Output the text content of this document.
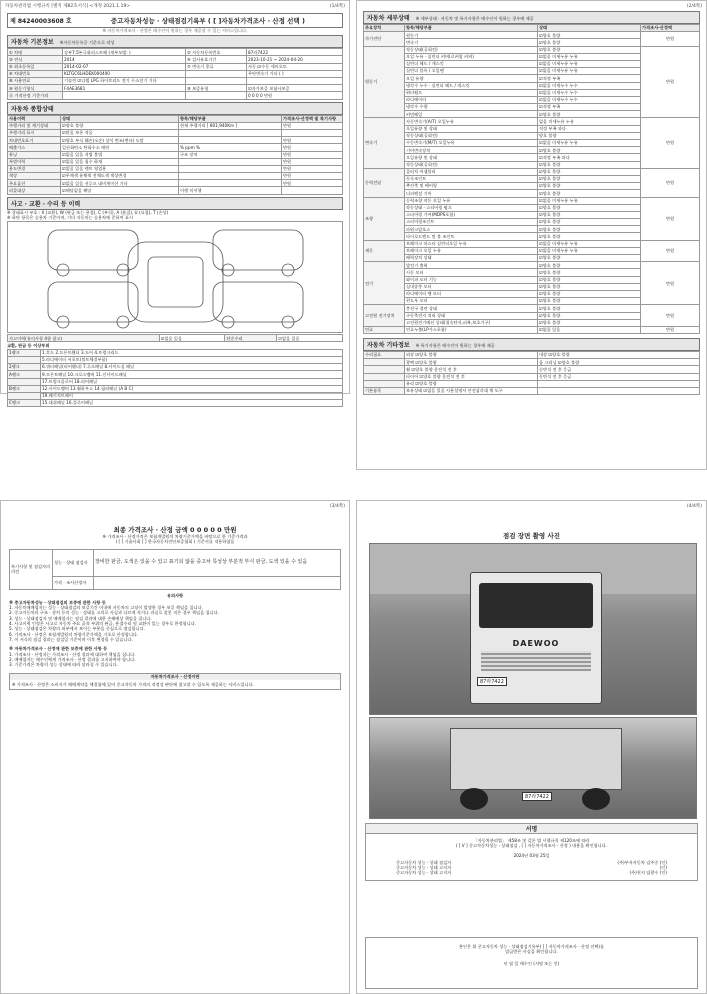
자동차관리법 시행규칙 [별지 제82호서식] <개정 2021.1.19>	(1/4쪽)
제 84240003608 호	중고자동차성능 · 상태점검기록부 ( [ ]자동차가격조사 · 산정 선택 )
※ 자동차가격조사 · 산정은 매수인이 원하는 경우 제공할 수 있는 서비스입니다.
자동차 기본정보 ※자동차등록증 기준으로 작성
① 차명	상부7.5톤극화리스트해 (새부모델: )	② 자동차등록번호	87라7422
③ 연식	2014	④ 검사유효기간	2023-10-21 ~ 2024-04-20
⑤ 최초등록일	2014-02-07	⑦ 변속기 종류	자동 ☑수동 세미오토
⑥ 차대번호	KLTGC6LHDEK000400		무단변속기 기타 ( )
⑧ 사용연료	기솔린 ☑디젤 LPG 하이브리드 전기 수소전기 기타		
⑨ 원동기형식	F4AE3681	⑩ 보증유형	☑자가보증 보험사보증
⑪ 가격산정 기준가격			0 0 0 0 만원
자동차 종합상태
사용이력	상태	항목/해당부품	가격조사·산정액 및 특기사항
주행거리 및 계기상태	☑양호 불량	현재 주행거리 [ 801,940Km ]	만원
주행거리 표시	☑많음 보통 적음		
차대번호표기	☑양호 부식 훼손(오손) 상이 변조(변타) 도말		만원
배출가스	일산화탄소 탄화수소 매연	% ppm %	만원
튜닝	☑없음 있음 적법 불법	구조 장치	만원
특별이력	☑없음 있음 침수 화재		만원
용도변경	☑없음 있음 렌트 영업용		만원
색상	☑무채색 유채색 전체도색 색상변경		만원
주요옵션	☑없음 있음 선루프 네비게이션 기타		만원
리콜대상	☑해당없음 해당	이행 미이행	
사고 · 교환 · 수리 등 이력
※ 상태표시 부호 : X (교환), W (판금 또는 용접), C (부식), A (흠집), U (요철), T (손상)
※ 하단 항목은 승용차 기준이며, 기타 자동차는 승용차에 준하여 표시
사고이력(유의사항 4항 참고)	☑없음 있음	단순수리	☑없음 있음
교환, 판금 등 이상부위
1랭크	1.후드 2.프론트휀더 3.도어 4.트렁크리드
	5.라디에이터 서포트(볼트체결부품)
2랭크	6.쿼터패널(리어휀더) 7.루프패널 8.사이드실 패널
A랭크	9.프론트패널 10.크로스멤버 11.인사이드패널
	17.트렁크플로어 18.리어패널
B랭크	12.사이드멤버 13.휠하우스 14.필러패널 (A B C)
	19.패키지트레이
C랭크	15.대쉬패널 16.플로어패널
(2/4쪽)
자동차 세부상태 ※ 세부상태 · 자동차 및 특기사항은 매수인이 원하는 경우에 제공
주요장치	항목/해당부품	상태	가격조사·산정액
자기진단	원동기	☑양호 불량	만원
	변속기	☑양호 불량	
원동기	작동상태(공회전)	☑양호 불량	만원
	오일 누유 · 실린더 커버(로커암 커버)	☑없음 미세누유 누유	
	실린더 헤드 / 개스킷	☑없음 미세누유 누유	
	실린더 블록 / 오일팬	☑없음 미세누유 누유	
	오일 유량	☑적정 부족	
	냉각수 누수 · 실린더 헤드 / 개스킷	☑없음 미세누수 누수	
	워터펌프	☑없음 미세누수 누수	
	라디에이터	☑없음 미세누수 누수	
	냉각수 수량	☑적정 부족	
	커먼레일	☑양호 불량	
변속기	자동변속기(A/T) 오일누유	없음 미세누유 누유	만원
	오일유량 및 상태	적정 부족 과다	
	작동상태(공회전)	양호 불량	
	수동변속기(M/T) 오일누유	☑없음 미세누유 누유	
	기어변속장치	☑양호 불량	
	오일유량 및 상태	☑적정 부족 과다	
	작동상태(공회전)	☑양호 불량	
동력전달	클러치 어셈블리	☑양호 불량	만원
	등속조인트	☑양호 불량	
	추진축 및 베어링	☑양호 불량	
	디퍼렌셜 기어	☑양호 불량	
조향	동력조향 작동 오일 누유	☑없음 미세누유 누유	만원
	작동상태 · 스티어링 펌프	☑양호 불량	
	스티어링 기어(MDPS포함)	☑양호 불량	
	스티어링조인트	☑양호 불량	
	파워고압호스	☑양호 불량	
	타이로드엔드 및 볼 조인트	☑양호 불량	
제동	브레이크 마스터 실린더오일 누유	☑없음 미세누유 누유	만원
	브레이크 오일 누유	☑없음 미세누유 누유	
	배력장치 상태	☑양호 불량	
전기	발전기 출력	☑양호 불량	만원
	시동 모터	☑양호 불량	
	와이퍼 모터 기능	☑양호 불량	
	실내송풍 모터	☑양호 불량	
	라디에이터 팬 모터	☑양호 불량	
	윈도우 모터	☑양호 불량	
고전원 전기장치	충전구 절연 상태	☑양호 불량	만원
	구동축전지 격리 상태	☑양호 불량	
	고전원전기배선 상태(접속단자,피복,보호기구)	☑양호 불량	
연료	연료누출(LP가스포함)	☑없음 있음	만원
자동차 기타정보 ※ 특기사항은 매수인이 원하는 경우에 제공
수리필요	외장 ☑양호 불량	내장 ☑양호 불량
	광택 ☑양호 불량	룸 크리닝 ☑양호 불량
	휠 ☑양호 불량 운전석 전 후	동반석 전 후 응급
	타이어 ☑양호 불량 운전석 전 후	동반석 전 후 응급
	유리 ☑양호 불량	
기본품목	보유상태 ☑없음 있음 사용설명서 안전삼각대 잭 도구	
(3/4쪽)
최종 가격조사 · 산정 금액 0 0 0 0 0 만원
※ 가격조사 · 산정가격은 보험개발원의 차량기준가액을 바탕으로 한 기준가격과
( [ ] 기술사회 [ ] 한국자동차진단보증협회 ) 기준서를 적용하였음
특기사항 및 점검자의 의견	성능 · 상태 점검자	장비한 판금, 도색은 있을 수 있고 표기되 않을 중고차 특성상 부분적 부식 판금, 도색 있을 수 있음
	가격 · 조사산정자	
유의사항
※ 중고자동차성능 · 상태점검의 보증에 관한 사항 등
1. 자동차매매업자는 성능 · 상태점검의 보증기간 이내에 자동차의 고장이 발생한 경우 보증 책임을 집니다.
2. 중고자동차의 구조 · 장치 등의 성능 · 상태를 고의로 사실과 다르게 적거나 과실로 잘못 적은 경우 책임을 집니다.
3. 성능 · 상태점검자 및 매매업자는 점검 결과에 대한 손해배상 책임을 집니다.
4. 사고이력 인정은 사고로 자동차 주요 골격 부위의 판금, 용접수리 및 교환이 있는 경우로 한정합니다.
5. 성능 · 상태점검은 차량의 외부에서 보이는 부분을 중심으로 점검합니다.
6. 가격조사 · 산정은 보험개발원의 차량기준가액을 기초로 산정합니다.
7. 이 서식의 점검 결과는 점검일 기준이며 이후 변경될 수 있습니다.
※ 자동차가격조사 · 산정에 관한 보증에 관한 사항 등
1. 가격조사 · 산정자는 가격조사 · 산정 결과에 대하여 책임을 집니다.
2. 매매업자는 매수인에게 가격조사 · 산정 결과를 고지하여야 합니다.
3. 기준가격은 차량의 성능 상태에 따라 달라질 수 있습니다.
자동차가격조사 · 산정이란
※ 가격조사 · 산정은 소비자가 매매계약을 체결함에 있어 중고자동차 가격의 적정성 판단에 참고할 수 있도록 제공하는 서비스입니다.
(4/4쪽)
점검 장면 촬영 사진
DAEWOO
87라7422
87라7422
서명
「자동차관리법」 제58조 및 같은 법 시행규칙 제120조에 따라
( [ V ] 중고자동차성능 · 상태점검 , [ ] 자동차가격조사 · 산정 ) 내용을 확인합니다.
2024년 03월 25일
중고자동차 성능 · 상태 점검자	(주)부자자동차 김주중 (인)
중고자동차 성능 · 상태 고지자	(인)
중고자동차 성능 · 상태 고지자	(주)천지 임광수 (인)
본인은 위 중고자동차 성능 · 상태점검기록부( [ ] 자동차가격조사 · 산정 선택)를
발급받은 사실을 확인합니다.
년 월 일 매수인 (서명 또는 인)
